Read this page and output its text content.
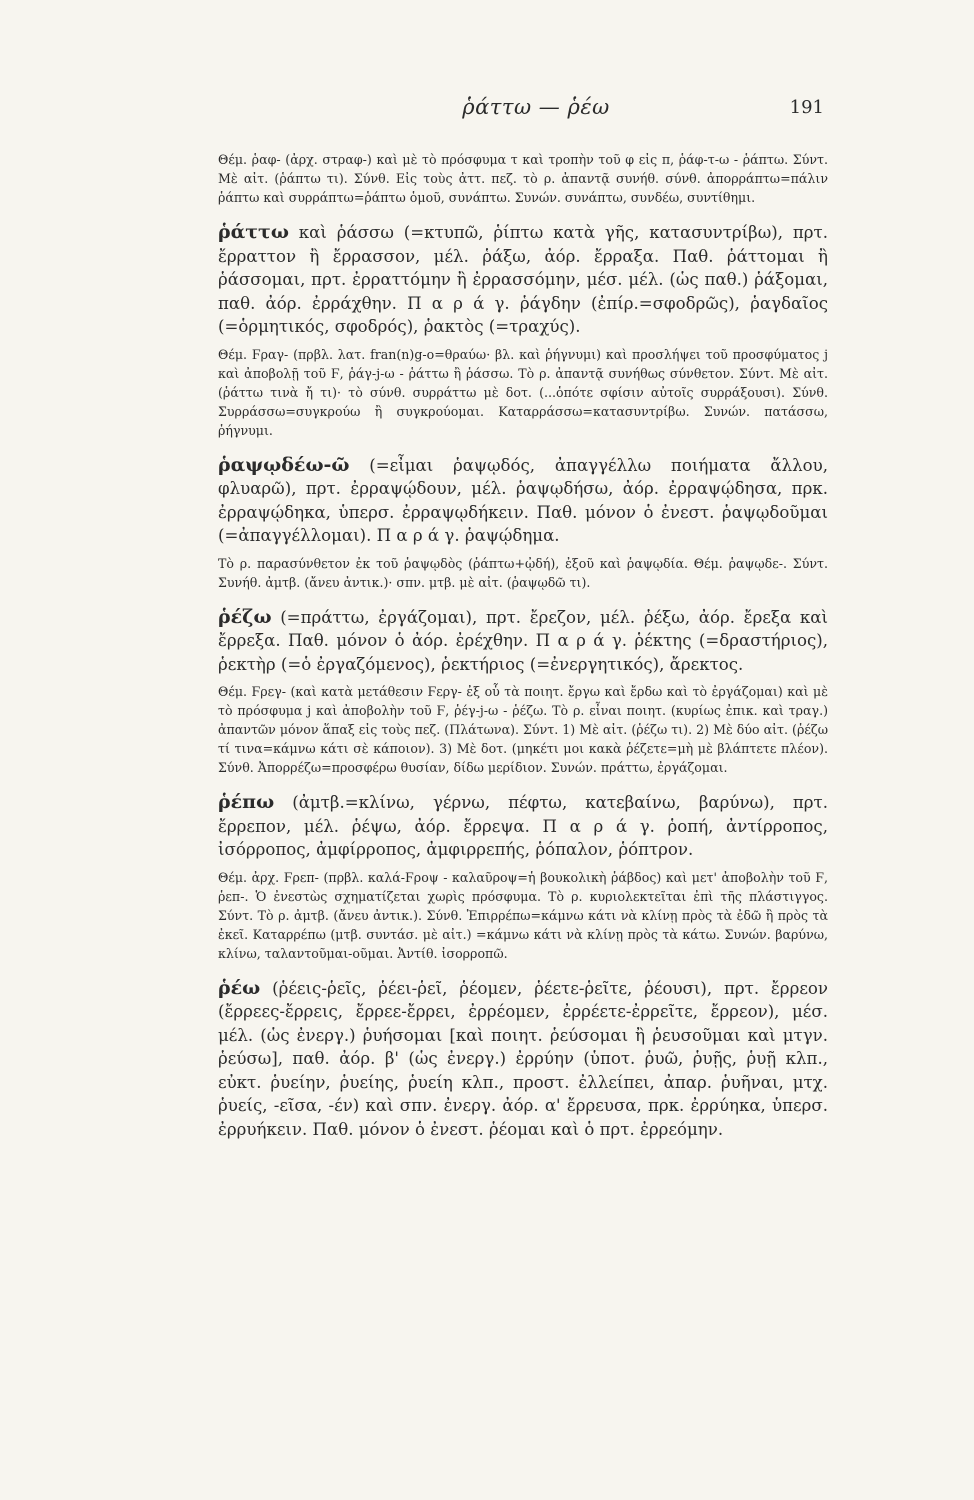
ῥάττω — ῥέω	191

Θέμ. ῥαφ- (ἀρχ. στραφ-) καὶ μὲ τὸ πρόσφυμα τ καὶ τροπὴν τοῦ φ εἰς π, ῥάφ-τ-ω - ῥάπτω. Σύντ. Μὲ αἰτ. (ῥάπτω τι). Σύνθ. Εἰς τοὺς ἀττ. πεζ. τὸ ρ. ἀπαντᾷ συνήθ. σύνθ. ἀπορράπτω=πάλιν ῥάπτω καὶ συρράπτω=ῥάπτω ὁμοῦ, συνάπτω. Συνών. συνάπτω, συνδέω, συντίθημι.

ῥάττω καὶ ῥάσσω (=κτυπῶ, ῥίπτω κατὰ γῆς, κατασυντρίβω), πρτ. ἔρραττον ἢ ἔρρασσον, μέλ. ῥάξω, ἀόρ. ἔρραξα. Παθ. ῥάττομαι ἢ ῥάσσομαι, πρτ. ἐρραττόμην ἢ ἐρρασσόμην, μέσ. μέλ. (ὡς παθ.) ῥάξομαι, παθ. ἀόρ. ἐρράχθην. Π α ρ ά γ. ῥάγδην (ἐπίρ.=σφοδρῶς), ῥαγδαῖος (=ὁρμητικός, σφοδρός), ῥακτὸς (=τραχύς).

Θέμ. Ϝραγ- (πρβλ. λατ. fran(n)g-o=θραύω· βλ. καὶ ῥήγνυμι) καὶ προσλήψει τοῦ προσφύματος j καὶ ἀποβολῇ τοῦ Ϝ, ῥάγ-j-ω - ῥάττω ἢ ῥάσσω. Τὸ ρ. ἀπαντᾷ συνήθως σύνθετον. Σύντ. Μὲ αἰτ. (ῥάττω τινὰ ἤ τι)· τὸ σύνθ. συρράττω μὲ δοτ. (...ὁπότε σφίσιν αὐτοῖς συρράξουσι). Σύνθ. Συρράσσω=συγκρούω ἢ συγκρούομαι. Καταρράσσω=κατασυντρίβω. Συνών. πατάσσω, ῥήγνυμι.

ῥαψῳδέω-ῶ (=εἶμαι ῥαψῳδός, ἀπαγγέλλω ποιήματα ἄλλου, φλυαρῶ), πρτ. ἐρραψῴδουν, μέλ. ῥαψῳδήσω, ἀόρ. ἐρραψῴδησα, πρκ. ἐρραψῴδηκα, ὑπερσ. ἐρραψῳδήκειν. Παθ. μόνον ὁ ἐνεστ. ῥαψῳδοῦμαι (=ἀπαγγέλλομαι). Π α ρ ά γ. ῥαψῴδημα.

Τὸ ρ. παρασύνθετον ἐκ τοῦ ῥαψῳδὸς (ῥάπτω+ᾠδή), ἐξοῦ καὶ ῥαψῳδία. Θέμ. ῥαψῳδε-. Σύντ. Συνήθ. ἀμτβ. (ἄνευ ἀντικ.)· σπν. μτβ. μὲ αἰτ. (ῥαψῳδῶ τι).

ῥέζω (=πράττω, ἐργάζομαι), πρτ. ἔρεζον, μέλ. ῥέξω, ἀόρ. ἔρεξα καὶ ἔρρεξα. Παθ. μόνον ὁ ἀόρ. ἐρέχθην. Π α ρ ά γ. ῥέκτης (=δραστήριος), ῥεκτὴρ (=ὁ ἐργαζόμενος), ῥεκτήριος (=ἐνεργητικός), ἄρεκτος.

Θέμ. Ϝρεγ- (καὶ κατὰ μετάθεσιν Ϝεργ- ἐξ οὗ τὰ ποιητ. ἔργω καὶ ἔρδω καὶ τὸ ἐργάζομαι) καὶ μὲ τὸ πρόσφυμα j καὶ ἀποβολὴν τοῦ Ϝ, ῥέγ-j-ω - ῥέζω. Τὸ ρ. εἶναι ποιητ. (κυρίως ἐπικ. καὶ τραγ.) ἀπαντῶν μόνον ἅπαξ εἰς τοὺς πεζ. (Πλάτωνα). Σύντ. 1) Μὲ αἰτ. (ῥέζω τι). 2) Μὲ δύο αἰτ. (ῥέζω τί τινα=κάμνω κάτι σὲ κάποιον). 3) Μὲ δοτ. (μηκέτι μοι κακὰ ῥέζετε=μὴ μὲ βλάπτετε πλέον). Σύνθ. Ἀπορρέζω=προσφέρω θυσίαν, δίδω μερίδιον. Συνών. πράττω, ἐργάζομαι.

ῥέπω (ἀμτβ.=κλίνω, γέρνω, πέφτω, κατεβαίνω, βαρύνω), πρτ. ἔρρεπον, μέλ. ῥέψω, ἀόρ. ἔρρεψα. Π α ρ ά γ. ῥοπή, ἀντίρροπος, ἰσόρροπος, ἀμφίρροπος, ἀμφιρρεπής, ῥόπαλον, ῥόπτρον.

Θέμ. ἀρχ. Ϝρεπ- (πρβλ. καλά-Ϝροψ - καλαῦροψ=ἡ βουκολικὴ ῥάβδος) καὶ μετ' ἀποβολὴν τοῦ Ϝ, ῥεπ-. Ὁ ἐνεστὼς σχηματίζεται χωρὶς πρόσφυμα. Τὸ ρ. κυριολεκτεῖται ἐπὶ τῆς πλάστιγγος. Σύντ. Τὸ ρ. ἀμτβ. (ἄνευ ἀντικ.). Σύνθ. Ἐπιρρέπω=κάμνω κάτι νὰ κλίνῃ πρὸς τὰ ἐδῶ ἢ πρὸς τὰ ἐκεῖ. Καταρρέπω (μτβ. συντάσ. μὲ αἰτ.) =κάμνω κάτι νὰ κλίνῃ πρὸς τὰ κάτω. Συνών. βαρύνω, κλίνω, ταλαντοῦμαι-οῦμαι. Ἀντίθ. ἰσορροπῶ.

ῥέω (ῥέεις-ῥεῖς, ῥέει-ῥεῖ, ῥέομεν, ῥέετε-ῥεῖτε, ῥέουσι), πρτ. ἔρρεον (ἔρρεες-ἔρρεις, ἔρρεε-ἔρρει, ἐρρέομεν, ἐρρέετε-ἐρρεῖτε, ἔρρεον), μέσ. μέλ. (ὡς ἐνεργ.) ῥυήσομαι [καὶ ποιητ. ῥεύσομαι ἢ ῥευσοῦμαι καὶ μτγν. ῥεύσω], παθ. ἀόρ. β' (ὡς ἐνεργ.) ἐρρύην (ὑποτ. ῥυῶ, ῥυῇς, ῥυῇ κλπ., εὐκτ. ῥυείην, ῥυείης, ῥυείη κλπ., προστ. ἐλλείπει, ἀπαρ. ῥυῆναι, μτχ. ῥυείς, -εῖσα, -έν) καὶ σπν. ἐνεργ. ἀόρ. α' ἔρρευσα, πρκ. ἐρρύηκα, ὑπερσ. ἐρρυήκειν. Παθ. μόνον ὁ ἐνεστ. ῥέομαι καὶ ὁ πρτ. ἐρρεόμην.
